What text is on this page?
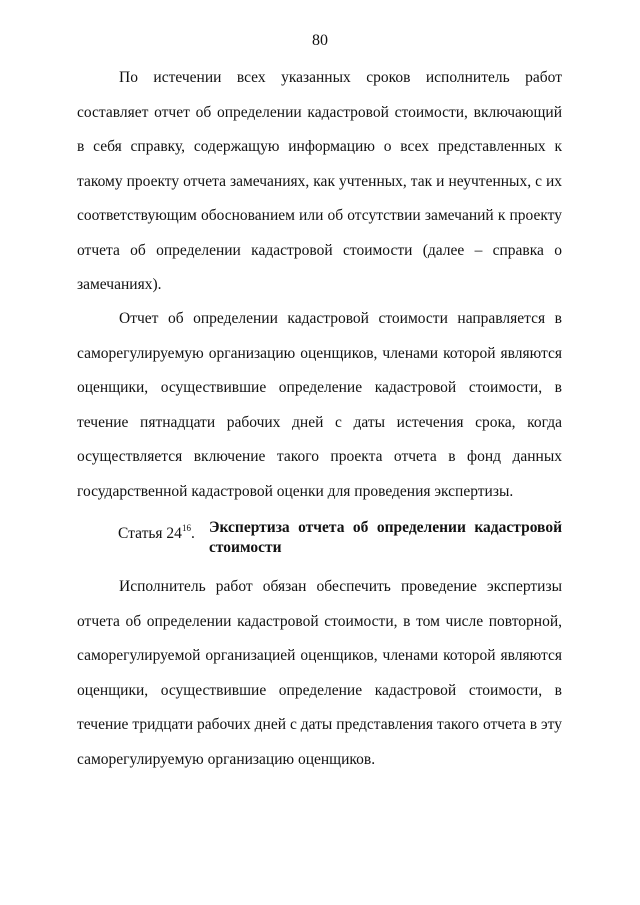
80

По истечении всех указанных сроков исполнитель работ составляет отчет об определении кадастровой стоимости, включающий в себя справку, содержащую информацию о всех представленных к такому проекту отчета замечаниях, как учтенных, так и неучтенных, с их соответствующим обоснованием или об отсутствии замечаний к проекту отчета об определении кадастровой стоимости (далее – справка о замечаниях).

Отчет об определении кадастровой стоимости направляется в саморегулируемую организацию оценщиков, членами которой являются оценщики, осуществившие определение кадастровой стоимости, в течение пятнадцати рабочих дней с даты истечения срока, когда осуществляется включение такого проекта отчета в фонд данных государственной кадастровой оценки для проведения экспертизы.

Статья $24^{16}$. Экспертиза отчета об определении кадастровой стоимости

Исполнитель работ обязан обеспечить проведение экспертизы отчета об определении кадастровой стоимости, в том числе повторной, саморегулируемой организацией оценщиков, членами которой являются оценщики, осуществившие определение кадастровой стоимости, в течение тридцати рабочих дней с даты представления такого отчета в эту саморегулируемую организацию оценщиков.
